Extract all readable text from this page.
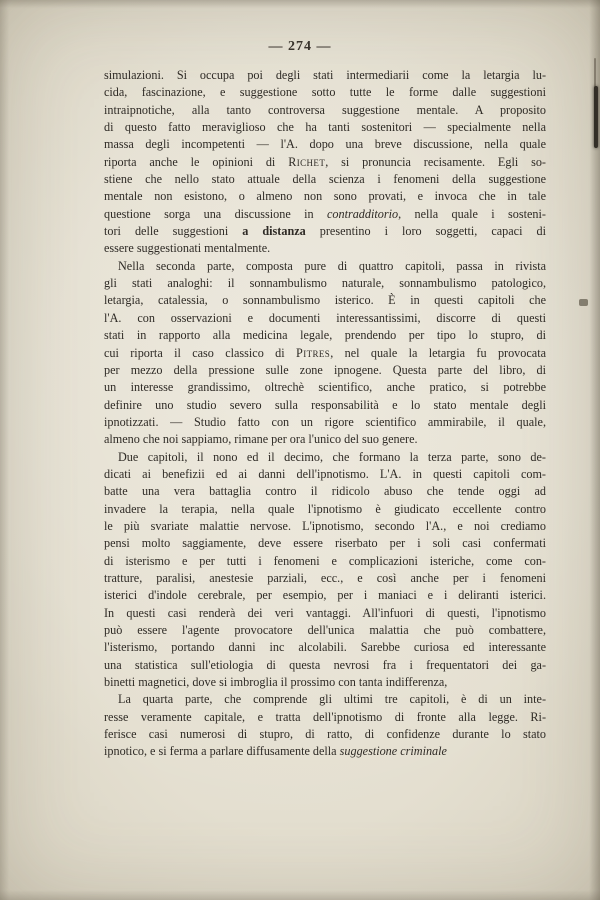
— 274 —
simulazioni. Si occupa poi degli stati intermediarii come la letargia lu-
cida, fascinazione, e suggestione sotto tutte le forme dalle suggestioni
intraipnotiche, alla tanto controversa suggestione mentale. A proposito
di questo fatto meraviglioso che ha tanti sostenitori — specialmente nella
massa degli incompetenti — l'A. dopo una breve discussione, nella quale
riporta anche le opinioni di Richet, si pronuncia recisamente. Egli so-
stiene che nello stato attuale della scienza i fenomeni della suggestione
mentale non esistono, o almeno non sono provati, e invoca che in tale
questione sorga una discussione in contradditorio, nella quale i sosteni-
tori delle suggestioni a distanza presentino i loro soggetti, capaci di
essere suggestionati mentalmente.
Nella seconda parte, composta pure di quattro capitoli, passa in rivista
gli stati analoghi: il sonnambulismo naturale, sonnambulismo patologico,
letargia, catalessia, o sonnambulismo isterico. È in questi capitoli che
l'A. con osservazioni e documenti interessantissimi, discorre di questi
stati in rapporto alla medicina legale, prendendo per tipo lo stupro, di
cui riporta il caso classico di Pitres, nel quale la letargia fu provocata
per mezzo della pressione sulle zone ipnogene. Questa parte del libro, di
un interesse grandissimo, oltrechè scientifico, anche pratico, si potrebbe
definire uno studio severo sulla responsabilità e lo stato mentale degli
ipnotizzati. — Studio fatto con un rigore scientifico ammirabile, il quale,
almeno che noi sappiamo, rimane per ora l'unico del suo genere.
Due capitoli, il nono ed il decimo, che formano la terza parte, sono de-
dicati ai benefizii ed ai danni dell'ipnotismo. L'A. in questi capitoli com-
batte una vera battaglia contro il ridicolo abuso che tende oggi ad
invadere la terapia, nella quale l'ipnotismo è giudicato eccellente contro
le più svariate malattie nervose. L'ipnotismo, secondo l'A., e noi crediamo
pensi molto saggiamente, deve essere riserbato per i soli casi confermati
di isterismo e per tutti i fenomeni e complicazioni isteriche, come con-
tratture, paralisi, anestesie parziali, ecc., e così anche per i fenomeni
isterici d'indole cerebrale, per esempio, per i maniaci e i deliranti isterici.
In questi casi renderà dei veri vantaggi. All'infuori di questi, l'ipnotismo
può essere l'agente provocatore dell'unica malattia che può combattere,
l'isterismo, portando danni inc alcolabili. Sarebbe curiosa ed interessante
una statistica sull'etiologia di questa nevrosi fra i frequentatori dei ga-
binetti magnetici, dove si imbroglia il prossimo con tanta indifferenza,
La quarta parte, che comprende gli ultimi tre capitoli, è di un inte-
resse veramente capitale, e tratta dell'ipnotismo di fronte alla legge. Ri-
ferisce casi numerosi di stupro, di ratto, di confidenze durante lo stato
ipnotico, e si ferma a parlare diffusamente della suggestione criminale
